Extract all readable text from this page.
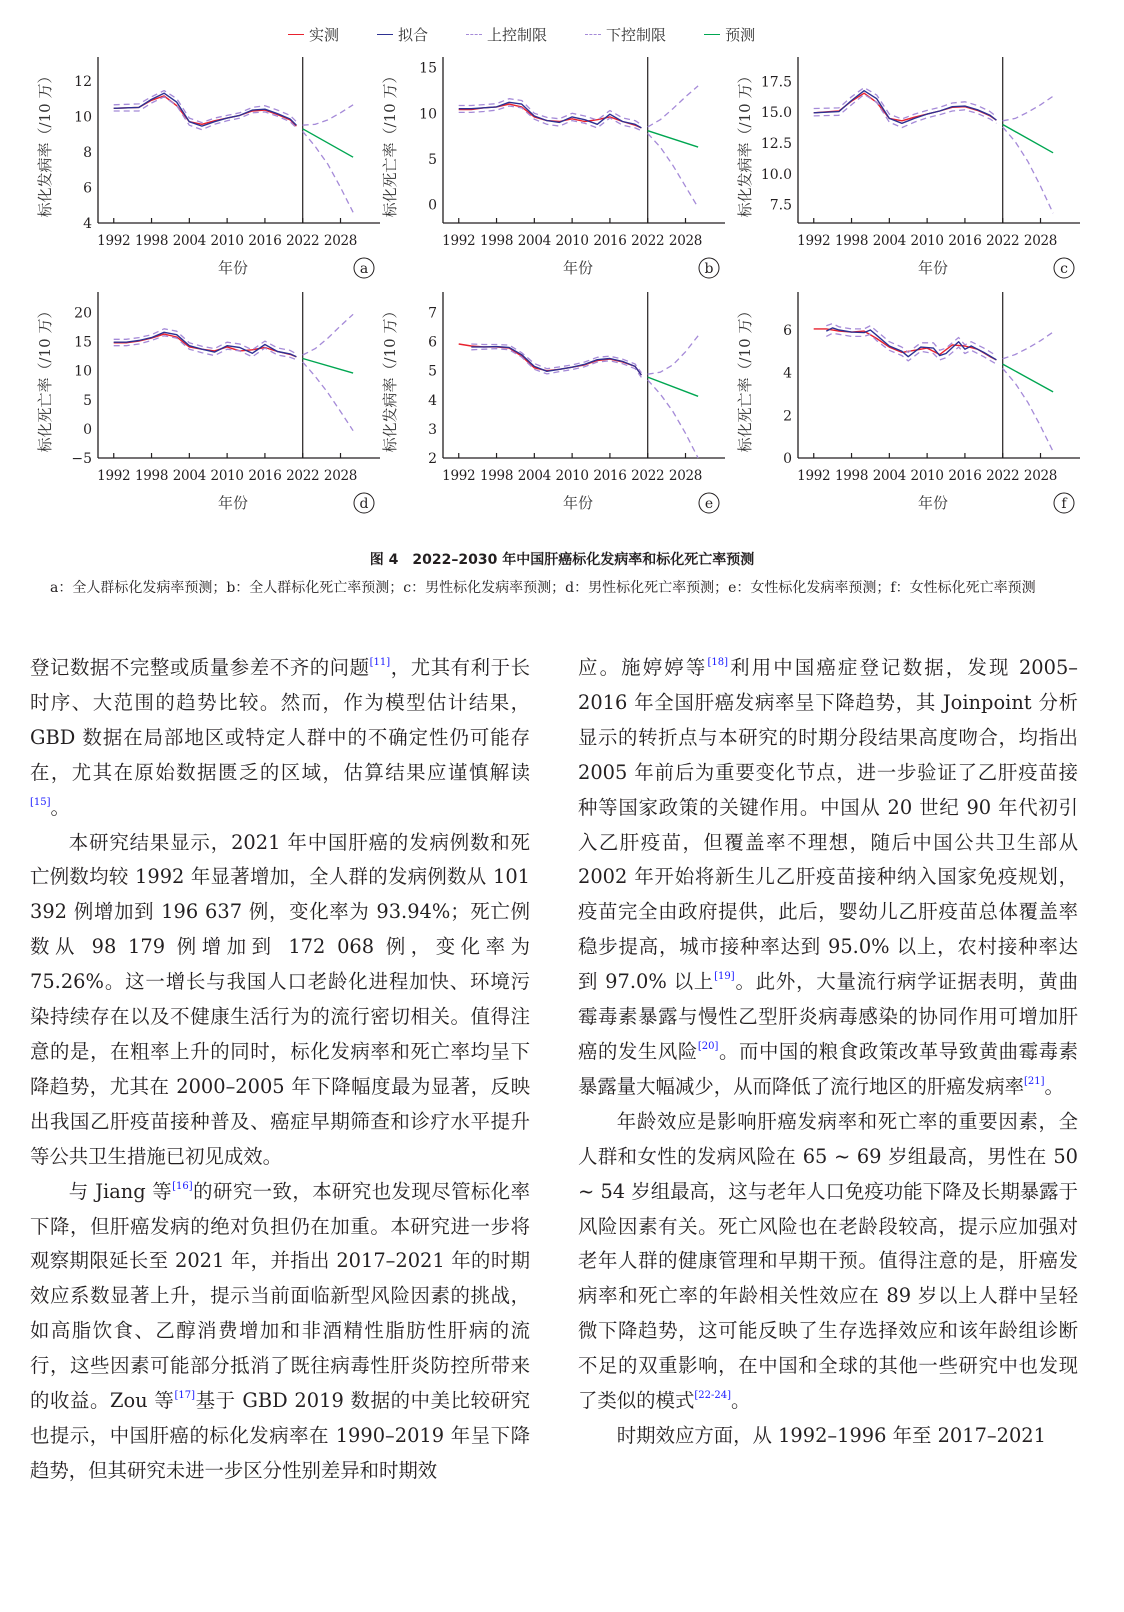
实测	拟合	上控制限	下控制限	预测
标化发病率（/10 万）
4
6
8
10
12
1992 1998 2004 2010 2016 2022 2028
年份	a
标化死亡率（/10 万） 0
5
10
15
1992 1998 2004 2010 2016 2022 2028
年份	b
标化发病率（/10 万） 7.5
10.0
12.5
15.0
17.5
1992 1998 2004 2010 2016 2022 2028
年份	c
标化死亡率（/10 万）
−5
0
5
10
15
20
1992 1998 2004 2010 2016 2022 2028
年份	d
标化发病率（/10 万）
2
3
4
5
6
7
1992 1998 2004 2010 2016 2022 2028
年份	e
标化死亡率（/10 万）
0
2
4
6
1992 1998 2004 2010 2016 2022 2028
年份	f
图 4　2022–2030 年中国肝癌标化发病率和标化死亡率预测
a：全人群标化发病率预测；b：全人群标化死亡率预测；c：男性标化发病率预测；d：男性标化死亡率预测；e：女性标化发病率预测；f：女性标化死亡率预测

登记数据不完整或质量参差不齐的问题[11]，尤其有利于长时序、大范围的趋势比较。然而，作为模型估计结果，GBD 数据在局部地区或特定人群中的不确定性仍可能存在，尤其在原始数据匮乏的区域，估算结果应谨慎解读[15]。

本研究结果显示，2021 年中国肝癌的发病例数和死亡例数均较 1992 年显著增加，全人群的发病例数从 101 392 例增加到 196 637 例，变化率为 93.94%；死亡例数从 98 179 例增加到 172 068 例，变化率为 75.26%。这一增长与我国人口老龄化进程加快、环境污染持续存在以及不健康生活行为的流行密切相关。值得注意的是，在粗率上升的同时，标化发病率和死亡率均呈下降趋势，尤其在 2000–2005 年下降幅度最为显著，反映出我国乙肝疫苗接种普及、癌症早期筛查和诊疗水平提升等公共卫生措施已初见成效。

与 Jiang 等[16]的研究一致，本研究也发现尽管标化率下降，但肝癌发病的绝对负担仍在加重。本研究进一步将观察期限延长至 2021 年，并指出 2017–2021 年的时期效应系数显著上升，提示当前面临新型风险因素的挑战，如高脂饮食、乙醇消费增加和非酒精性脂肪性肝病的流行，这些因素可能部分抵消了既往病毒性肝炎防控所带来的收益。Zou 等[17]基于 GBD 2019 数据的中美比较研究也提示，中国肝癌的标化发病率在 1990–2019 年呈下降趋势，但其研究未进一步区分性别差异和时期效

应。施婷婷等[18]利用中国癌症登记数据，发现 2005–2016 年全国肝癌发病率呈下降趋势，其 Joinpoint 分析显示的转折点与本研究的时期分段结果高度吻合，均指出 2005 年前后为重要变化节点，进一步验证了乙肝疫苗接种等国家政策的关键作用。中国从 20 世纪 90 年代初引入乙肝疫苗，但覆盖率不理想，随后中国公共卫生部从 2002 年开始将新生儿乙肝疫苗接种纳入国家免疫规划，疫苗完全由政府提供，此后，婴幼儿乙肝疫苗总体覆盖率稳步提高，城市接种率达到 95.0% 以上，农村接种率达到 97.0% 以上[19]。此外，大量流行病学证据表明，黄曲霉毒素暴露与慢性乙型肝炎病毒感染的协同作用可增加肝癌的发生风险[20]。而中国的粮食政策改革导致黄曲霉毒素暴露量大幅减少，从而降低了流行地区的肝癌发病率[21]。

年龄效应是影响肝癌发病率和死亡率的重要因素，全人群和女性的发病风险在 65 ~ 69 岁组最高，男性在 50 ~ 54 岁组最高，这与老年人口免疫功能下降及长期暴露于风险因素有关。死亡风险也在老龄段较高，提示应加强对老年人群的健康管理和早期干预。值得注意的是，肝癌发病率和死亡率的年龄相关性效应在 89 岁以上人群中呈轻微下降趋势，这可能反映了生存选择效应和该年龄组诊断不足的双重影响，在中国和全球的其他一些研究中也发现了类似的模式[22-24]。

时期效应方面，从 1992–1996 年至 2017–2021
